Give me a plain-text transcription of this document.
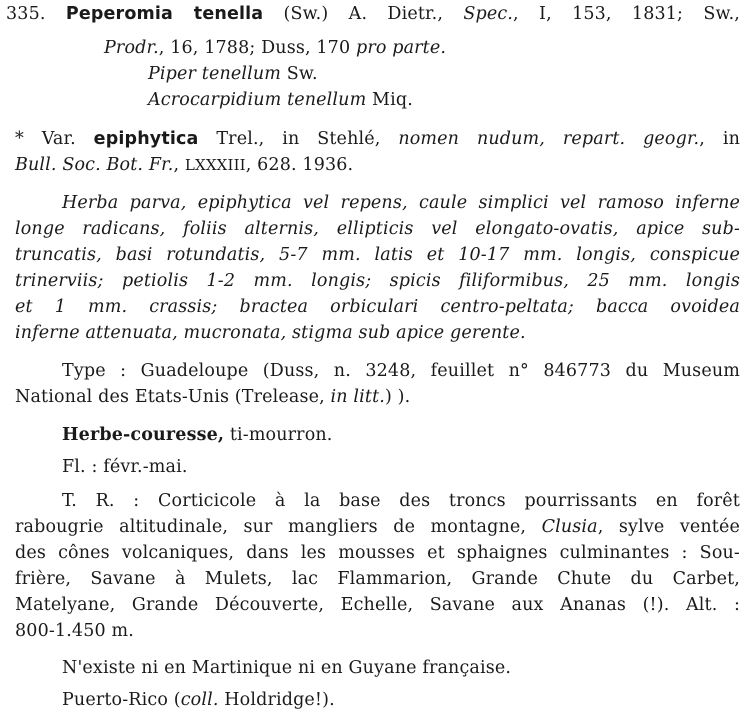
335. Peperomia tenella (Sw.) A. Dietr., Spec., I, 153, 1831; Sw.,
Prodr., 16, 1788; Duss, 170 pro parte.
Piper tenellum Sw.
Acrocarpidium tenellum Miq.
* Var. epiphytica Trel., in Stehlé, nomen nudum, repart. geogr., in
Bull. Soc. Bot. Fr., LXXXIII, 628. 1936.
Herba parva, epiphytica vel repens, caule simplici vel ramoso inferne
longe radicans, foliis alternis, ellipticis vel elongato-ovatis, apice sub-
truncatis, basi rotundatis, 5-7 mm. latis et 10-17 mm. longis, conspicue
trinerviis; petiolis 1-2 mm. longis; spicis filiformibus, 25 mm. longis
et 1 mm. crassis; bractea orbiculari centro-peltata; bacca ovoidea
inferne attenuata, mucronata, stigma sub apice gerente.
Type : Guadeloupe (Duss, n. 3248, feuillet n° 846773 du Museum
National des Etats-Unis (Trelease, in litt.) ).
Herbe-couresse, ti-mourron.
Fl. : févr.-mai.
T. R. : Corticicole à la base des troncs pourrissants en forêt
rabougrie altitudinale, sur mangliers de montagne, Clusia, sylve ventée
des cônes volcaniques, dans les mousses et sphaignes culminantes : Sou-
frière, Savane à Mulets, lac Flammarion, Grande Chute du Carbet,
Matelyane, Grande Découverte, Echelle, Savane aux Ananas (!). Alt. :
800-1.450 m.
N'existe ni en Martinique ni en Guyane française.
Puerto-Rico (coll. Holdridge!).
